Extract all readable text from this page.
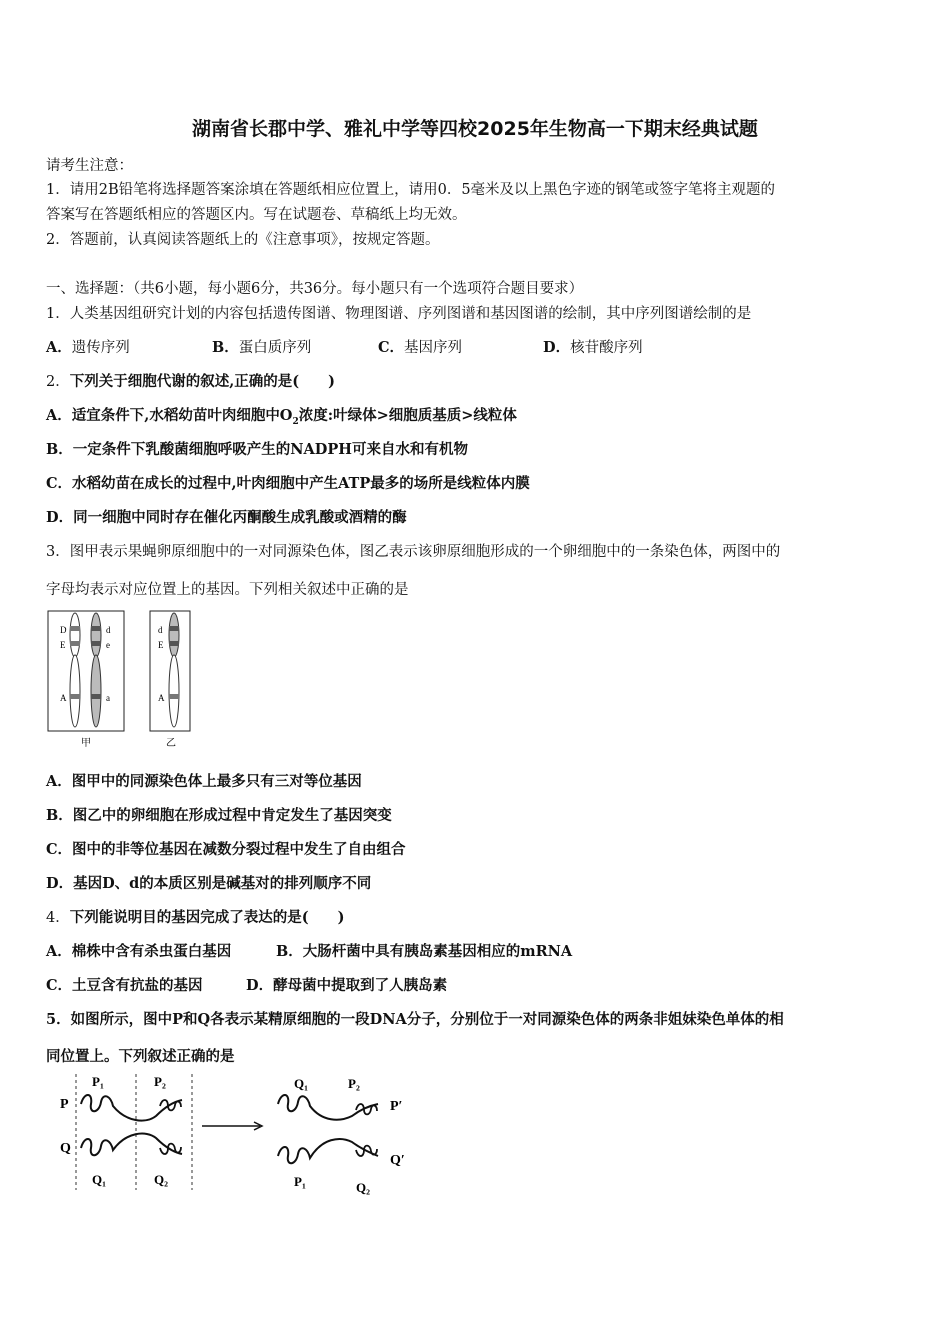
湖南省长郡中学、雅礼中学等四校2025年生物高一下期末经典试题
请考生注意：
1．请用2B铅笔将选择题答案涂填在答题纸相应位置上，请用0．5毫米及以上黑色字迹的钢笔或签字笔将主观题的
答案写在答题纸相应的答题区内。写在试题卷、草稿纸上均无效。
2．答题前，认真阅读答题纸上的《注意事项》，按规定答题。
一、选择题：（共6小题，每小题6分，共36分。每小题只有一个选项符合题目要求）
1．人类基因组研究计划的内容包括遗传图谱、物理图谱、序列图谱和基因图谱的绘制，其中序列图谱绘制的是
A．遗传序列	B．蛋白质序列	C．基因序列	D．核苷酸序列
2．下列关于细胞代谢的叙述,正确的是(　　)
A．适宜条件下,水稻幼苗叶肉细胞中$O_2$浓度:叶绿体>细胞质基质>线粒体
B．一定条件下乳酸菌细胞呼吸产生的NADPH可来自水和有机物
C．水稻幼苗在成长的过程中,叶肉细胞中产生ATP最多的场所是线粒体内膜
D．同一细胞中同时存在催化丙酮酸生成乳酸或酒精的酶
3．图甲表示果蝇卵原细胞中的一对同源染色体，图乙表示该卵原细胞形成的一个卵细胞中的一条染色体，两图中的
字母均表示对应位置上的基因。下列相关叙述中正确的是
D
E
A
d
e
a
d
E
A
甲	乙
A．图甲中的同源染色体上最多只有三对等位基因
B．图乙中的卵细胞在形成过程中肯定发生了基因突变
C．图中的非等位基因在减数分裂过程中发生了自由组合
D．基因D、d的本质区别是碱基对的排列顺序不同
4．下列能说明目的基因完成了表达的是(　　)
A．棉株中含有杀虫蛋白基因	B．大肠杆菌中具有胰岛素基因相应的mRNA
C．土豆含有抗盐的基因	D．酵母菌中提取到了人胰岛素
5．如图所示，图中P和Q各表示某精原细胞的一段DNA分子，分别位于一对同源染色体的两条非姐妹染色单体的相
同位置上。下列叙述正确的是
P
Q
P₁	P₂
Q₁	Q₂
Q₁	P₂
P′
Q′
P₁	Q₂
